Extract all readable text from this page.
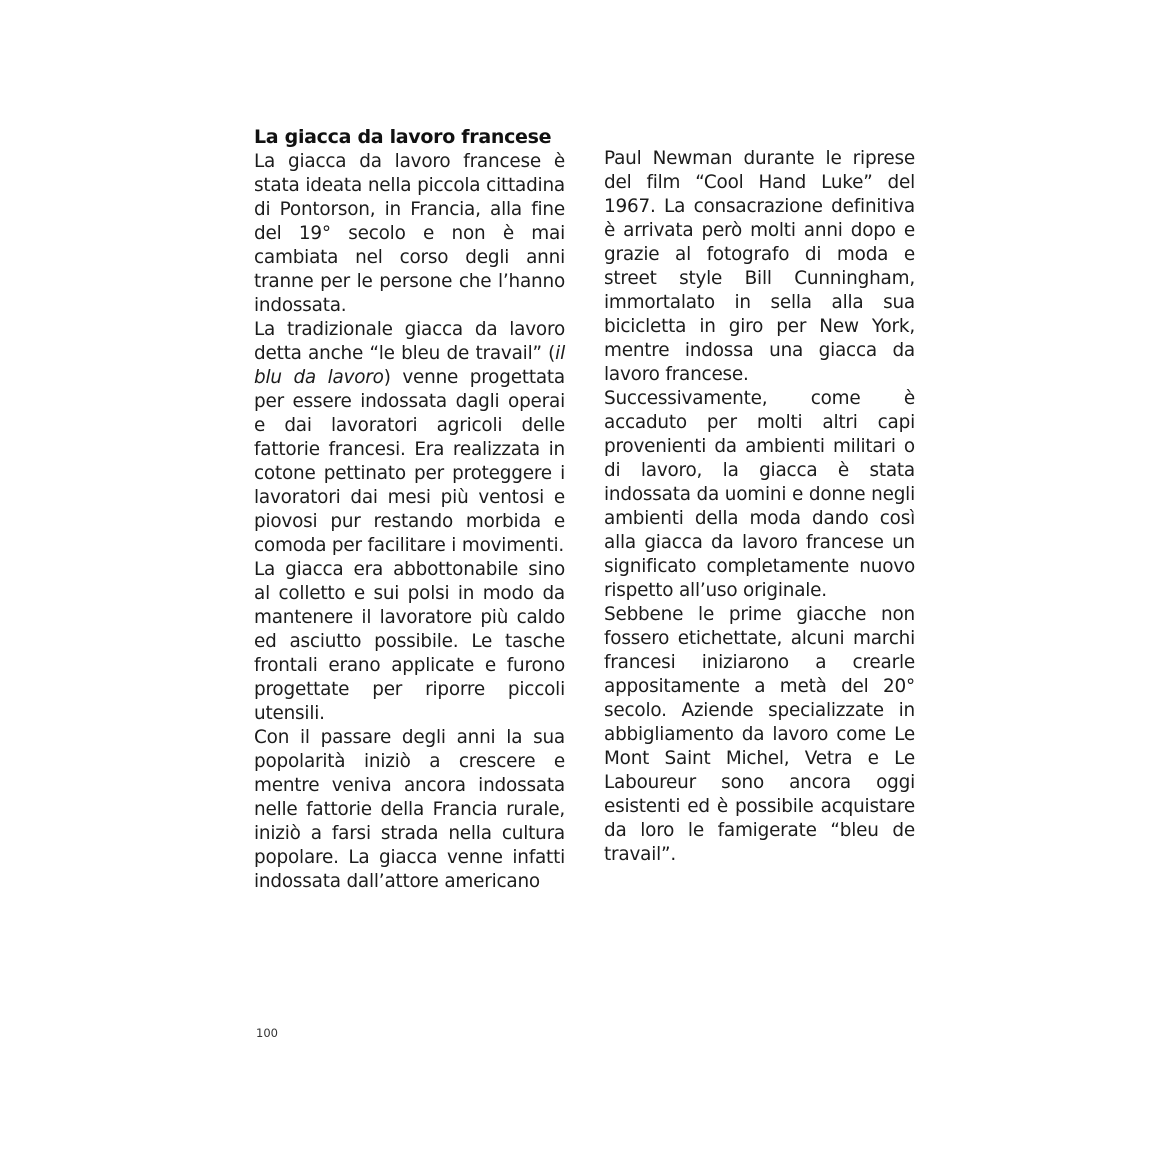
La giacca da lavoro francese

La giacca da lavoro francese è stata ideata nella piccola cittadina di Pontorson, in Francia, alla fine del 19° secolo e non è mai cambiata nel corso degli anni tranne per le persone che l’hanno indossata.

La tradizionale giacca da lavoro detta anche “le bleu de travail” (il blu da lavoro) venne progettata per essere indossata dagli operai e dai lavoratori agricoli delle fattorie francesi. Era realizzata in cotone pettinato per proteggere i lavoratori dai mesi più ventosi e piovosi pur restando morbida e comoda per facilitare i movimenti.

La giacca era abbottonabile sino al colletto e sui polsi in modo da mantenere il lavoratore più caldo ed asciutto possibile. Le tasche frontali erano applicate e furono progettate per riporre piccoli utensili.

Con il passare degli anni la sua popolarità iniziò a crescere e mentre veniva ancora indossata nelle fattorie della Francia rurale, iniziò a farsi strada nella cultura popolare. La giacca venne infatti indossata dall’attore americano

Paul Newman durante le riprese del film “Cool Hand Luke” del 1967. La consacrazione definitiva è arrivata però molti anni dopo e grazie al fotografo di moda e street style Bill Cunningham, immortalato in sella alla sua bicicletta in giro per New York, mentre indossa una giacca da lavoro francese.

Successivamente, come è accaduto per molti altri capi provenienti da ambienti militari o di lavoro, la giacca è stata indossata da uomini e donne negli ambienti della moda dando così alla giacca da lavoro francese un significato completamente nuovo rispetto all’uso originale.

Sebbene le prime giacche non fossero etichettate, alcuni marchi francesi iniziarono a crearle appositamente a metà del 20° secolo. Aziende specializzate in abbigliamento da lavoro come Le Mont Saint Michel, Vetra e Le Laboureur sono ancora oggi esistenti ed è possibile acquistare da loro le famigerate “bleu de travail”.

100
